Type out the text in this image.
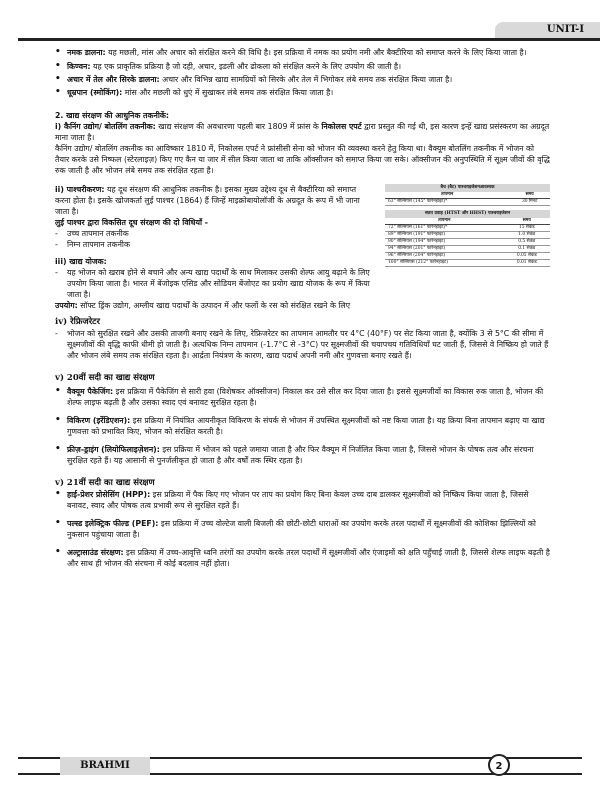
UNIT-I
• नमक डालना: यह मछली, मांस और अचार को संरक्षित करने की विधि है। इस प्रक्रिया में नमक का प्रयोग नमी और बैक्टीरिया को समाप्त करने के लिए किया जाता है।
• किण्वन: यह एक प्राकृतिक प्रक्रिया है जो दही, अचार, इडली और ढोकला को संरक्षित करने के लिए उपयोग की जाती है।
• अचार में तेल और सिरके डालना: अचार और विभिन्न खाद्य सामग्रियों को सिरके और तेल में भिगोकर लंबे समय तक संरक्षित किया जाता है।
• धूम्रपान (स्मोकिंग): मांस और मछली को धुएं में सुखाकर लंबे समय तक संरक्षित किया जाता है।

2. खाद्य संरक्षण की आधुनिक तकनीकें:

i) कैनिंग उद्योग/ बोतलिंग तकनीक: खाद्य संरक्षण की अवधारणा पहली बार 1809 में फ्रांस के निकोलस एपर्ट द्वारा प्रस्तुत की गई थी, इस कारण इन्हें खाद्य प्रसंस्करण का अग्रदूत माना जाता है।

कैनिंग उद्योग/ बोतलिंग तकनीक का आविष्कार 1810 में, निकोलस एपर्ट ने फ्रांसीसी सेना को भोजन की व्यवस्था करने हेतु किया था। वैक्यूम बोतलिंग तकनीक में भोजन को तैयार करके उसे निष्फल (स्टेरलाइज़) किए गए कैन या जार में सील किया जाता था ताकि ऑक्सीजन को समाप्त किया जा सके। ऑक्सीजन की अनुपस्थिति में सूक्ष्म जीवों की वृद्धि रुक जाती है और भोजन लंबे समय तक संरक्षित रहता है।

बैच (बैट) पाश्चराइजेशनआवश्यक
तापमान	समय
63° सेल्सियस (145° फारेनहाइट)*	30 मिनट
सतत प्रवाह (HTST और HHST) पाश्चराइजेशन
तापमान	समय
72° सेल्सियस (161° फारेनहाइट)*	15 सेकंड
89° सेल्सियस (191° फारेनहाइट)	1.0 सेकंड
90° सेल्सियस (194° फारेनहाइट)	0.5 सेकंड
94° सेल्सियस (201° फारेनहाइट)	0.1 सेकंड
96° सेल्सियस (204° फारेनहाइट)	0.05 सेकंड
100° सेल्सियस (212° फारेनहाइट)	0.01 सेकंड

ii) पाश्चरीकरण: यह दूध संरक्षण की आधुनिक तकनीक है। इसका मुख्य उद्देश्य दूध से बैक्टीरिया को समाप्त करना होता है। इसके खोजकर्ता लुई पाश्चर (1864) हैं जिन्हें माइक्रोबायोलॉजी के अग्रदूत के रूप में भी जाना जाता है।

लुई पाश्चर द्वारा विकसित दूध संरक्षण की दो विधियाँ -

-	उच्च तापमान तकनीक
-	निम्न तापमान तकनीक

iii) खाद्य योजक:

-	यह भोजन को खराब होने से बचाने और अन्य खाद्य पदार्थों के साथ मिलाकर उसकी शेल्फ आयु बढ़ाने के लिए उपयोग किया जाता है। भारत में बेंजोइक एसिड और सोडियम बेंजोएट का प्रयोग खाद्य योजक के रूप में किया जाता है।

उपयोग: सॉफ्ट ड्रिंक उद्योग, अम्लीय खाद्य पदार्थों के उत्पादन में और फलों के रस को संरक्षित रखने के लिए

iv) रेफ्रिजरेटर

-	भोजन को सुरक्षित रखने और उसकी ताजगी बनाए रखने के लिए, रेफ्रिजरेटर का तापमान आमतौर पर 4°C (40°F) पर सेट किया जाता है, क्योंकि 3 से 5°C की सीमा में सूक्ष्मजीवों की वृद्धि काफी धीमी हो जाती है। अत्यधिक निम्न तापमान (-1.7°C से -3°C) पर सूक्ष्मजीवों की चयापचय गतिविधियाँ घट जाती हैं, जिससे वे निष्क्रिय हो जाते हैं और भोजन लंबे समय तक संरक्षित रहता है। आर्द्रता नियंत्रण के कारण, खाद्य पदार्थ अपनी नमी और गुणवत्ता बनाए रखते हैं।

v) 20वीं सदी का खाद्य संरक्षण

• वैक्यूम पैकेजिंग: इस प्रक्रिया में पैकेजिंग से सारी हवा (विशेषकर ऑक्सीजन) निकाल कर उसे सील कर दिया जाता है। इससे सूक्ष्मजीवों का विकास रुक जाता है, भोजन की शेल्फ लाइफ बढ़ती है और उसका स्वाद एवं बनावट सुरक्षित रहता है।
• विकिरण (इर्रेडिएशन): इस प्रक्रिया में नियंत्रित आयनीकृत विकिरण के संपर्क से भोजन में उपस्थित सूक्ष्मजीवों को नष्ट किया जाता है। यह क्रिया बिना तापमान बढ़ाए या खाद्य गुणवत्ता को प्रभावित किए, भोजन को संरक्षित करती है।
• फ्रीज़-ड्राइंग (लियोफिलाइज़ेशन): इस प्रक्रिया में भोजन को पहले जमाया जाता है और फिर वैक्यूम में निर्जलित किया जाता है, जिससे भोजन के पोषक तत्व और संरचना सुरक्षित रहते हैं। यह आसानी से पुनर्जलीकृत हो जाता है और वर्षों तक स्थिर रहता है।

v) 21वीं सदी का खाद्य संरक्षण

• हाई-प्रेशर प्रोसेसिंग (HPP): इस प्रक्रिया में पैक किए गए भोजन पर ताप का प्रयोग किए बिना केवल उच्च दाब डालकर सूक्ष्मजीवों को निष्क्रिय किया जाता है, जिससे बनावट, स्वाद और पोषक तत्व प्रभावी रूप से सुरक्षित रहते हैं।
• पल्स्ड इलेक्ट्रिक फील्ड (PEF): इस प्रक्रिया में उच्च वोल्टेज वाली बिजली की छोटी-छोटी धाराओं का उपयोग करके तरल पदार्थों में सूक्ष्मजीवों की कोशिका झिल्लियों को नुकसान पहुंचाया जाता है।
• अल्ट्रासाउंड संरक्षण: इस प्रक्रिया में उच्च-आवृत्ति ध्वनि तरंगों का उपयोग करके तरल पदार्थों में सूक्ष्मजीवों और एंजाइमों को क्षति पहुँचाई जाती है, जिससे शेल्फ लाइफ बढ़ती है और साथ ही भोजन की संरचना में कोई बदलाव नहीं होता।
BRAHMI	2
